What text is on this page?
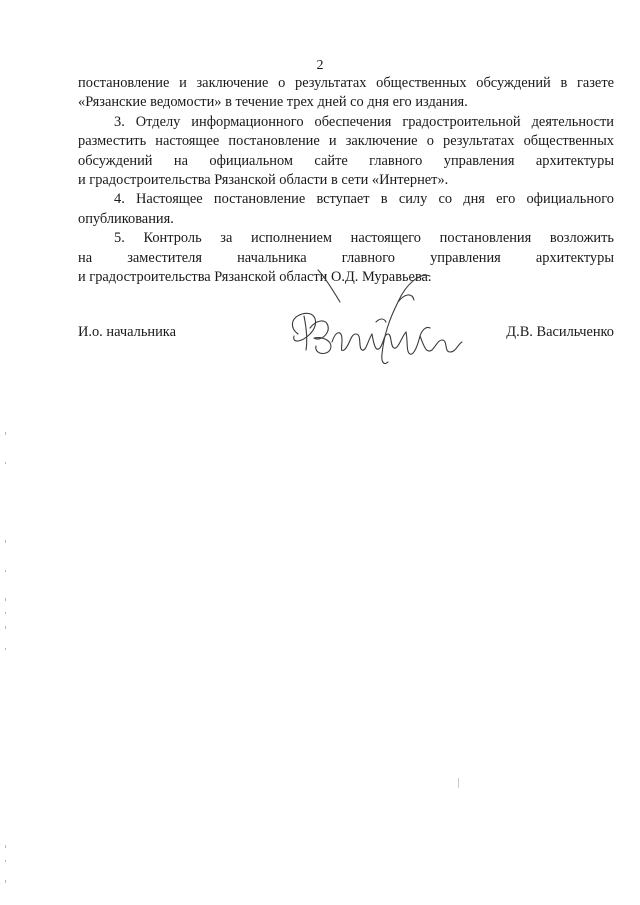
2

постановление и заключение о результатах общественных обсуждений в газете
«Рязанские ведомости» в течение трех дней со дня его издания.

3. Отделу информационного обеспечения градостроительной деятельности
разместить настоящее постановление и заключение о результатах общественных
обсуждений на официальном сайте главного управления архитектуры
и градостроительства Рязанской области в сети «Интернет».

4. Настоящее постановление вступает в силу со дня его официального
опубликования.

5. Контроль за исполнением настоящего постановления возложить
на заместителя начальника главного управления архитектуры
и градостроительства Рязанской области О.Д. Муравьева.

И.о. начальника	Д.В. Васильченко
